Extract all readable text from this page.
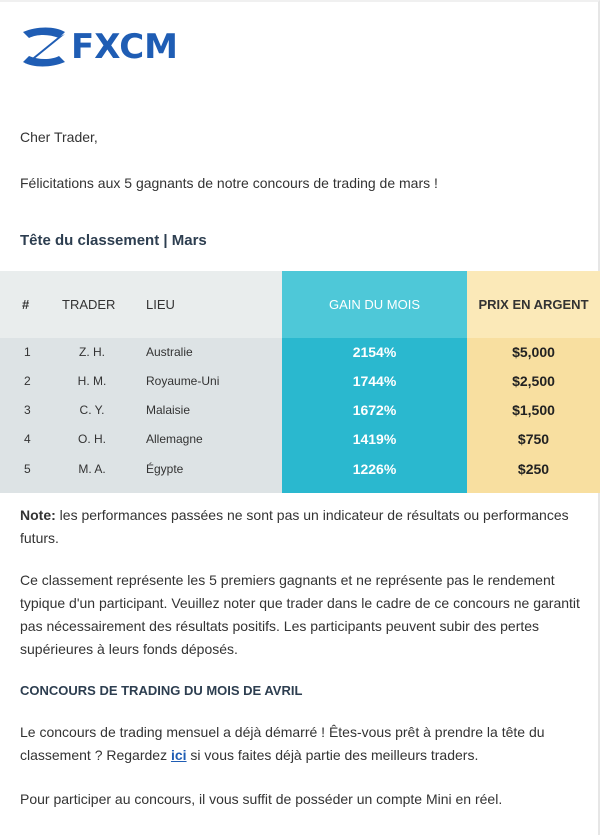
FXCM
Cher Trader,
Félicitations aux 5 gagnants de notre concours de trading de mars !
Tête du classement | Mars
#	TRADER	LIEU	GAIN DU MOIS	PRIX EN ARGENT
1	Z. H.	Australie	2154%	$5,000
2	H. M.	Royaume-Uni	1744%	$2,500
3	C. Y.	Malaisie	1672%	$1,500
4	O. H.	Allemagne	1419%	$750
5	M. A.	Égypte	1226%	$250
Note: les performances passées ne sont pas un indicateur de résultats ou performances futurs.
Ce classement représente les 5 premiers gagnants et ne représente pas le rendement typique d'un participant. Veuillez noter que trader dans le cadre de ce concours ne garantit pas nécessairement des résultats positifs. Les participants peuvent subir des pertes supérieures à leurs fonds déposés.
CONCOURS DE TRADING DU MOIS DE AVRIL
Le concours de trading mensuel a déjà démarré ! Êtes-vous prêt à prendre la tête du classement ? Regardez ici si vous faites déjà partie des meilleurs traders.
Pour participer au concours, il vous suffit de posséder un compte Mini en réel.
